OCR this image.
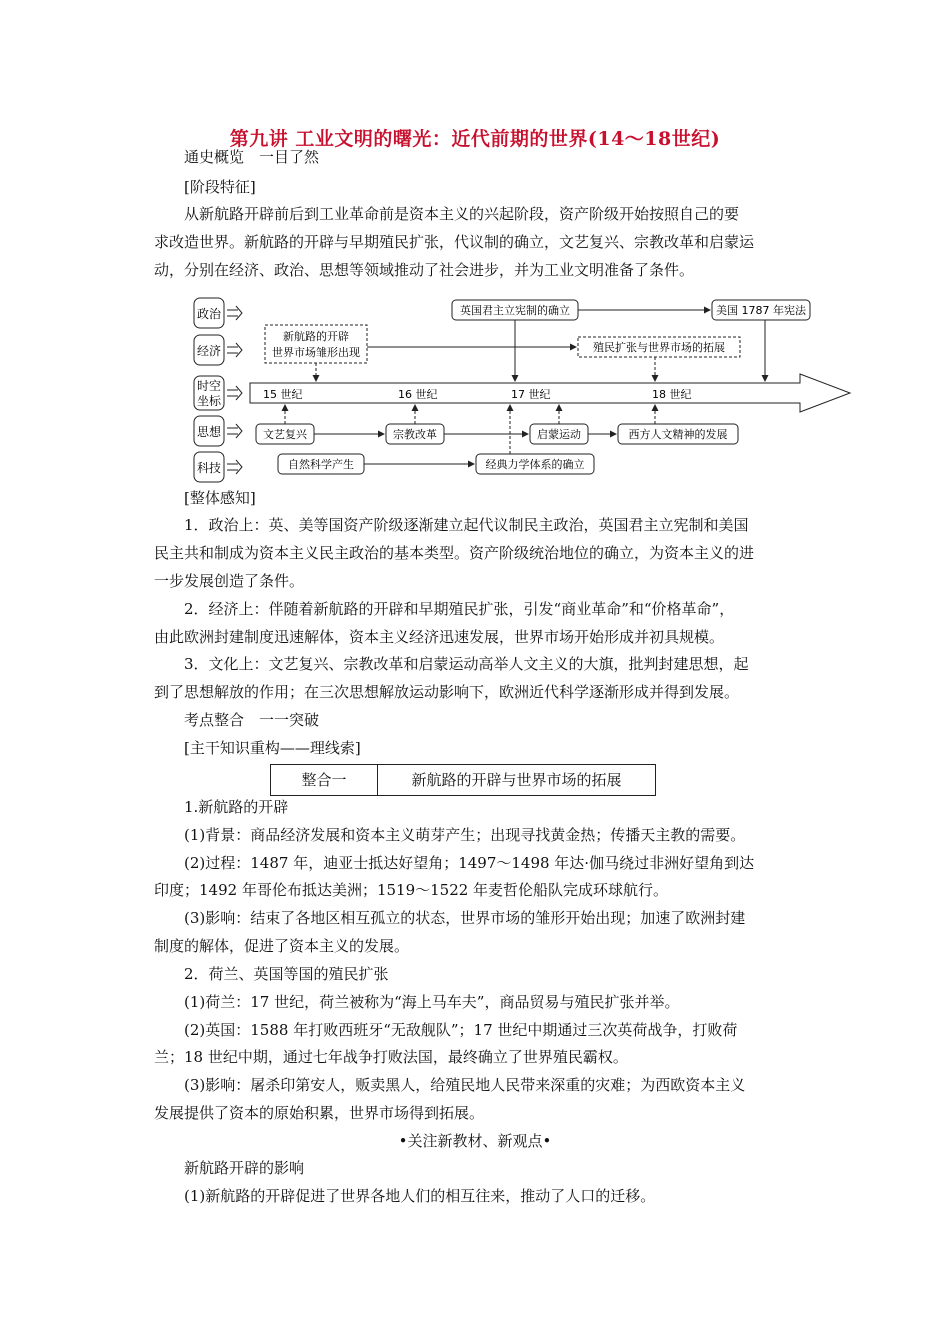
第九讲 工业文明的曙光：近代前期的世界(14～18世纪)
通史概览　一目了然
[阶段特征]
从新航路开辟前后到工业革命前是资本主义的兴起阶段，资产阶级开始按照自己的要
求改造世界。新航路的开辟与早期殖民扩张，代议制的确立，文艺复兴、宗教改革和启蒙运
动，分别在经济、政治、思想等领域推动了社会进步，并为工业文明准备了条件。
政治
经济
时空
坐标
思想
科技
15 世纪	16 世纪	17 世纪	18 世纪
英国君主立宪制的确立	美国 1787 年宪法
新航路的开辟
世界市场雏形出现	殖民扩张与世界市场的拓展
文艺复兴	宗教改革	启蒙运动	西方人文精神的发展
自然科学产生	经典力学体系的确立
[整体感知]
1．政治上：英、美等国资产阶级逐渐建立起代议制民主政治，英国君主立宪制和美国
民主共和制成为资本主义民主政治的基本类型。资产阶级统治地位的确立，为资本主义的进
一步发展创造了条件。
2．经济上：伴随着新航路的开辟和早期殖民扩张，引发“商业革命”和“价格革命”，
由此欧洲封建制度迅速解体，资本主义经济迅速发展，世界市场开始形成并初具规模。
3．文化上：文艺复兴、宗教改革和启蒙运动高举人文主义的大旗，批判封建思想，起
到了思想解放的作用；在三次思想解放运动影响下，欧洲近代科学逐渐形成并得到发展。
考点整合　一一突破
[主干知识重构——理线索]
整合一	新航路的开辟与世界市场的拓展
1.新航路的开辟
(1)背景：商品经济发展和资本主义萌芽产生；出现寻找黄金热；传播天主教的需要。
(2)过程：1487 年，迪亚士抵达好望角；1497～1498 年达·伽马绕过非洲好望角到达
印度；1492 年哥伦布抵达美洲；1519～1522 年麦哲伦船队完成环球航行。
(3)影响：结束了各地区相互孤立的状态，世界市场的雏形开始出现；加速了欧洲封建
制度的解体，促进了资本主义的发展。
2．荷兰、英国等国的殖民扩张
(1)荷兰：17 世纪，荷兰被称为“海上马车夫”，商品贸易与殖民扩张并举。
(2)英国：1588 年打败西班牙“无敌舰队”；17 世纪中期通过三次英荷战争，打败荷
兰；18 世纪中期，通过七年战争打败法国，最终确立了世界殖民霸权。
(3)影响：屠杀印第安人，贩卖黑人，给殖民地人民带来深重的灾难；为西欧资本主义
发展提供了资本的原始积累，世界市场得到拓展。
•关注新教材、新观点•
新航路开辟的影响
(1)新航路的开辟促进了世界各地人们的相互往来，推动了人口的迁移。
